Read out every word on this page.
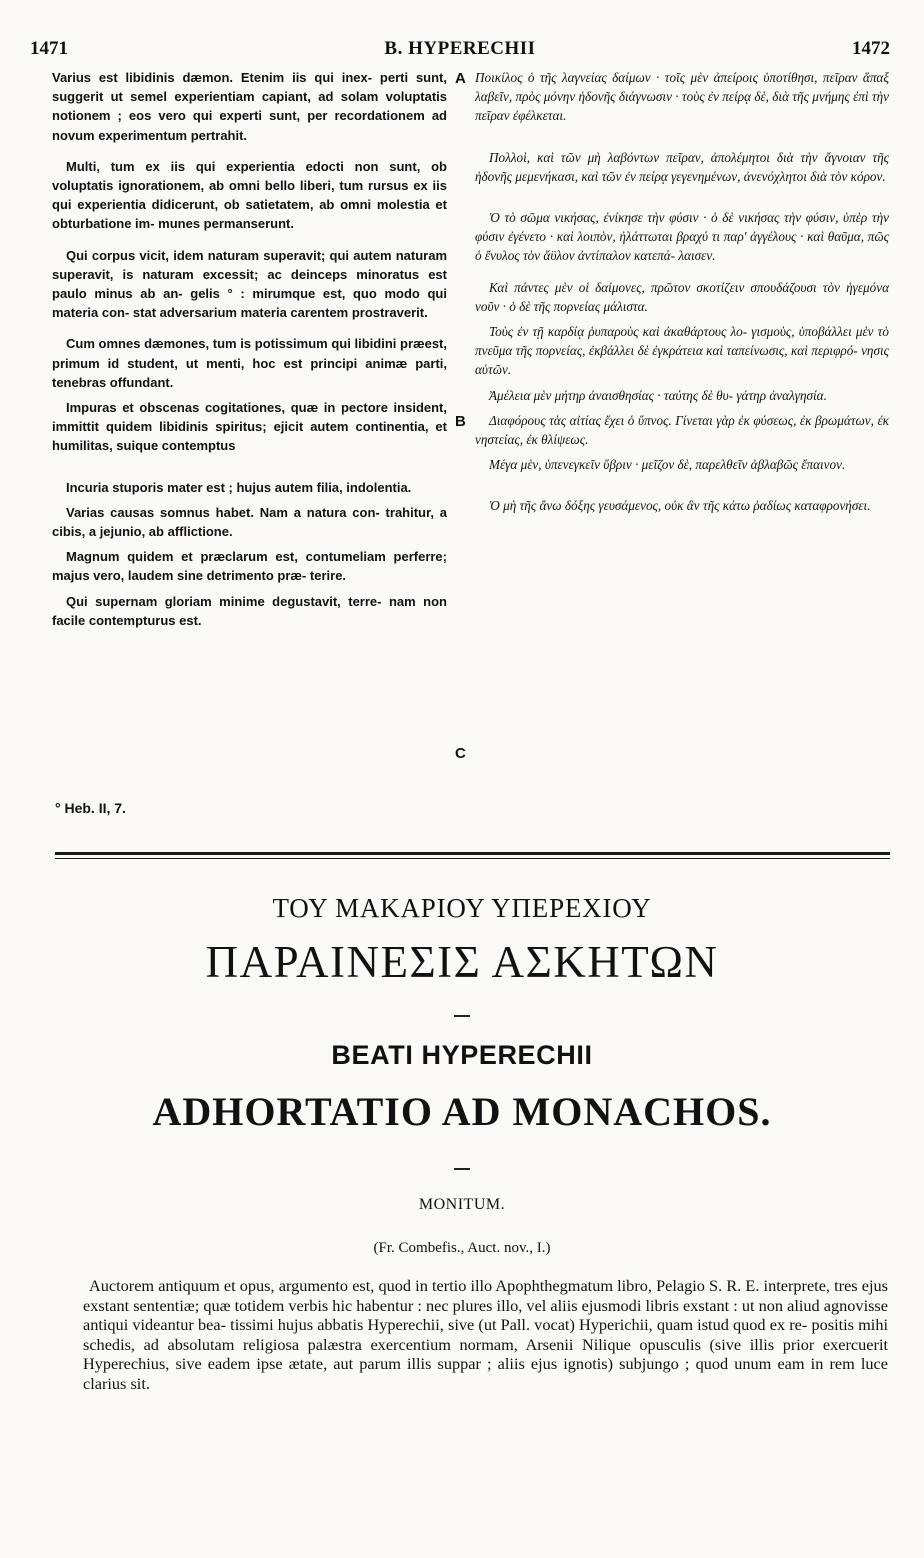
1471	B. HYPERECHII	1472

Varius est libidinis dæmon. Etenim iis qui inex- perti sunt, suggerit ut semel experientiam capiant, ad solam voluptatis notionem ; eos vero qui experti sunt, per recordationem ad novum experimentum pertrahit.

Multi, tum ex iis qui experientia edocti non sunt, ob voluptatis ignorationem, ab omni bello liberi, tum rursus ex iis qui experientia didicerunt, ob satietatem, ab omni molestia et obturbatione im- munes permanserunt.

Qui corpus vicit, idem naturam superavit; qui autem naturam superavit, is naturam excessit; ac deinceps minoratus est paulo minus ab an- gelis ° : mirumque est, quo modo qui materia con- stat adversarium materia carentem prostraverit.

Cum omnes dæmones, tum is potissimum qui libidini præest, primum id student, ut menti, hoc est principi animæ parti, tenebras offundant.

Impuras et obscenas cogitationes, quæ in pectore insident, immittit quidem libidinis spiritus; ejicit autem continentia, et humilitas, suique contemptus

Incuria stuporis mater est ; hujus autem filia, indolentia.

Varias causas somnus habet. Nam a natura con- trahitur, a cibis, a jejunio, ab afflictione.

Magnum quidem et præclarum est, contumeliam perferre; majus vero, laudem sine detrimento præ- terire.

Qui supernam gloriam minime degustavit, terre- nam non facile contempturus est.

Ποικίλος ὁ τῆς λαγνείας δαίμων · τοῖς μὲν ἀπείροις ὑποτίθησι, πεῖραν ἅπαξ λαβεῖν, πρὸς μόνην ἡδονῆς διάγνωσιν · τοὺς ἐν πείρᾳ δὲ, διὰ τῆς μνήμης ἐπὶ τὴν πεῖραν ἐφέλκεται.

Πολλοὶ, καὶ τῶν μὴ λαβόντων πεῖραν, ἀπολέμητοι διὰ τὴν ἄγνοιαν τῆς ἡδονῆς μεμενήκασι, καὶ τῶν ἐν πείρᾳ γεγενημένων, ἀνενόχλητοι διὰ τὸν κόρον.

Ὁ τὸ σῶμα νικήσας, ἐνίκησε τὴν φύσιν · ὁ δὲ νικήσας τὴν φύσιν, ὑπὲρ τὴν φύσιν ἐγένετο · καὶ λοιπὸν, ἠλάττωται βραχύ τι παρ' ἀγγέλους · καὶ θαῦμα, πῶς ὁ ἔνυλος τὸν ἄϋλον ἀντίπαλον κατεπά- λαισεν.

Καὶ πάντες μὲν οἱ δαίμονες, πρῶτον σκοτίζειν σπουδάζουσι τὸν ἡγεμόνα νοῦν · ὁ δὲ τῆς πορνείας μάλιστα.

Τοὺς ἐν τῇ καρδίᾳ ῥυπαροὺς καὶ ἀκαθάρτους λο- γισμοὺς, ὑποβάλλει μὲν τὸ πνεῦμα τῆς πορνείας, ἐκβάλλει δὲ ἐγκράτεια καὶ ταπείνωσις, καὶ περιφρό- νησις αὐτῶν.

Ἀμέλεια μὲν μήτηρ ἀναισθησίας · ταύτης δὲ θυ- γάτηρ ἀναλγησία.

Διαφόρους τὰς αἰτίας ἔχει ὁ ὕπνος. Γίνεται γὰρ ἐκ φύσεως, ἐκ βρωμάτων, ἐκ νηστείας, ἐκ θλίψεως.

Μέγα μὲν, ὑπενεγκεῖν ὕβριν · μεῖζον δὲ, παρελθεῖν ἀβλαβῶς ἔπαινον.

Ὁ μὴ τῆς ἄνω δόξης γευσάμενος, οὐκ ἂν τῆς κάτω ῥαδίως καταφρονήσει.

A
B
C
° Heb. II, 7.
ΤΟΥ ΜΑΚΑΡΙΟΥ ΥΠΕΡΕΧΙΟΥ
ΠΑΡΑΙΝΕΣΙΣ ΑΣΚΗΤΩΝ
BEATI HYPERECHII
ADHORTATIO AD MONACHOS.
MONITUM.
(Fr. Combefis., Auct. nov., I.)
Auctorem antiquum et opus, argumento est, quod in tertio illo Apophthegmatum libro, Pelagio S. R. E. interprete, tres ejus exstant sententiæ; quæ totidem verbis hic habentur : nec plures illo, vel aliis ejusmodi libris exstant : ut non aliud agnovisse antiqui videantur bea- tissimi hujus abbatis Hyperechii, sive (ut Pall. vocat) Hyperichii, quam istud quod ex re- positis mihi schedis, ad absolutam religiosa palæstra exercentium normam, Arsenii Nilique opusculis (sive illis prior exercuerit Hyperechius, sive eadem ipse ætate, aut parum illis suppar ; aliis ejus ignotis) subjungo ; quod unum eam in rem luce clarius sit.
